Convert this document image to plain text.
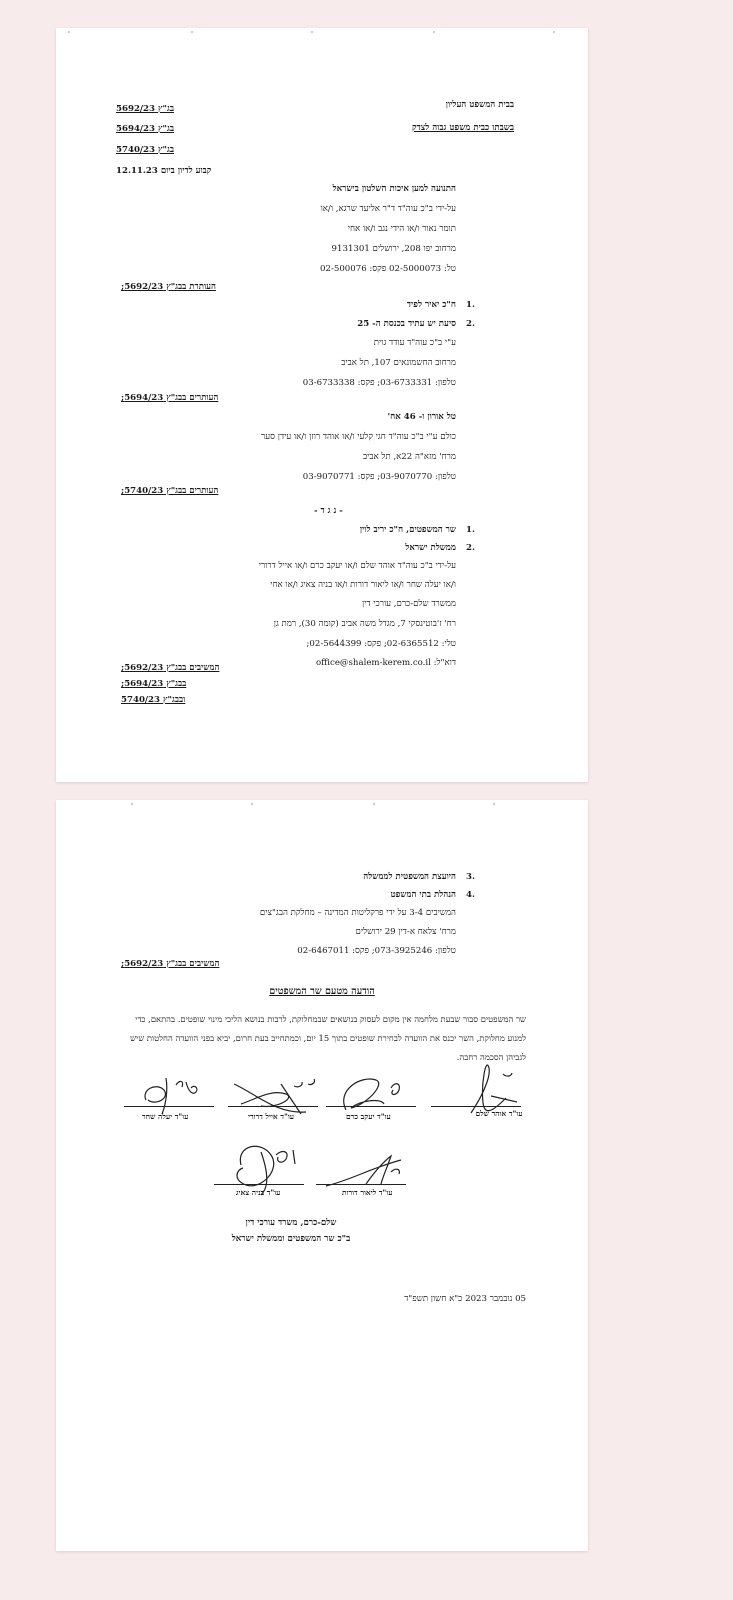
בבית המשפט העליון
בשבתו כבית משפט גבוה לצדק
בג"ץ 5692/23
בג"ץ 5694/23
בג"ץ 5740/23
קבוע לדיון ביום 12.11.23
התנועה למען איכות השלטון בישראל
על-ידי ב"כ עוה"ד ד"ר אליעד שרגא, ו/או
תומר נאור ו/או הידי נגב ו/או אחי
מרחוב יפו 208, ירושלים 9131301
טל: 02-5000073 פקס: 02-500076
העותרת בבג"ץ 5692/23;
1.
ח"כ יאיר לפיד
2.
סיעת יש עתיד בכנסת ה- 25
ע"י ב"כ עוה"ד עודד גוית
מרחוב החשמונאים 107, תל אביב
טלפון: 03-6733331; פקס: 03-6733338
העותרים בבג"ץ 5694/23;
טל אורון ו- 46 אח'
כולם ע"י ב"כ עוה"ד חגי קלעי ו/או אוהד רוזן ו/או עידן סער
מרח' מזא"ה 22א, תל אביב
טלפון: 03-9070770; פקס: 03-9070771
העותרים בבג"ץ 5740/23;
- נ ג ד -
1.
שר המשפטים, ח"כ יריב לוין
2.
ממשלת ישראל
על-ידי ב"כ עוה"ד אוהד שלם ו/או יעקב כרם ו/או אייל דרורי
ו/או יעלה שחר ו/או ליאור דורות ו/או בניה צאיג ו/או אחי
ממשרד שלם-כרם, עורכי דין
רח' ז'בוטינסקי 7, מגדל משה אביב (קומה 30), רמת גן
טלי: 02-6365512; פקס: 02-5644399;
דוא"ל: office@shalem-kerem.co.il
המשיבים בבג"ץ 5692/23;
בבג"ץ 5694/23;
ובבג"ץ 5740/23
3.
היועצת המשפטית לממשלה
4.
הנהלת בתי המשפט
המשיבים 3-4 על ידי פרקליטות המדינה – מחלקת הבג"צים
מרח' צלאח א-דין 29 ירושלים
טלפון: 073-3925246; פקס: 02-6467011
המשיבים בבג"ץ 5692/23;
הודעה מטעם שר המשפטים
שר המשפטים סבור שבעת מלחמה אין מקום לעסוק בנושאים שבמחלוקת, לרבות בנושא הליכי מינוי שופטים. בהתאם, כדי למנוע מחלוקת, השר יכנס את הוועדה לבחירת שופטים בתוך 15 יום, וכמתחייב בעת חרום, יביא בפני הוועדה החלטות שיש לגביהן הסכמה רחבה.
עו"ד אוהד שלם
עו"ד יעקב כרם
עו"ד אייל דרורי
עו"ד יעלה שחר
עו"ד ליאור דורות
עו"ד בניה צאיג
שלם-כרם, משרד עורכי דין
ב"כ שר המשפטים וממשלת ישראל
05 נובמבר 2023 כ"א חשון תשפ"ד
